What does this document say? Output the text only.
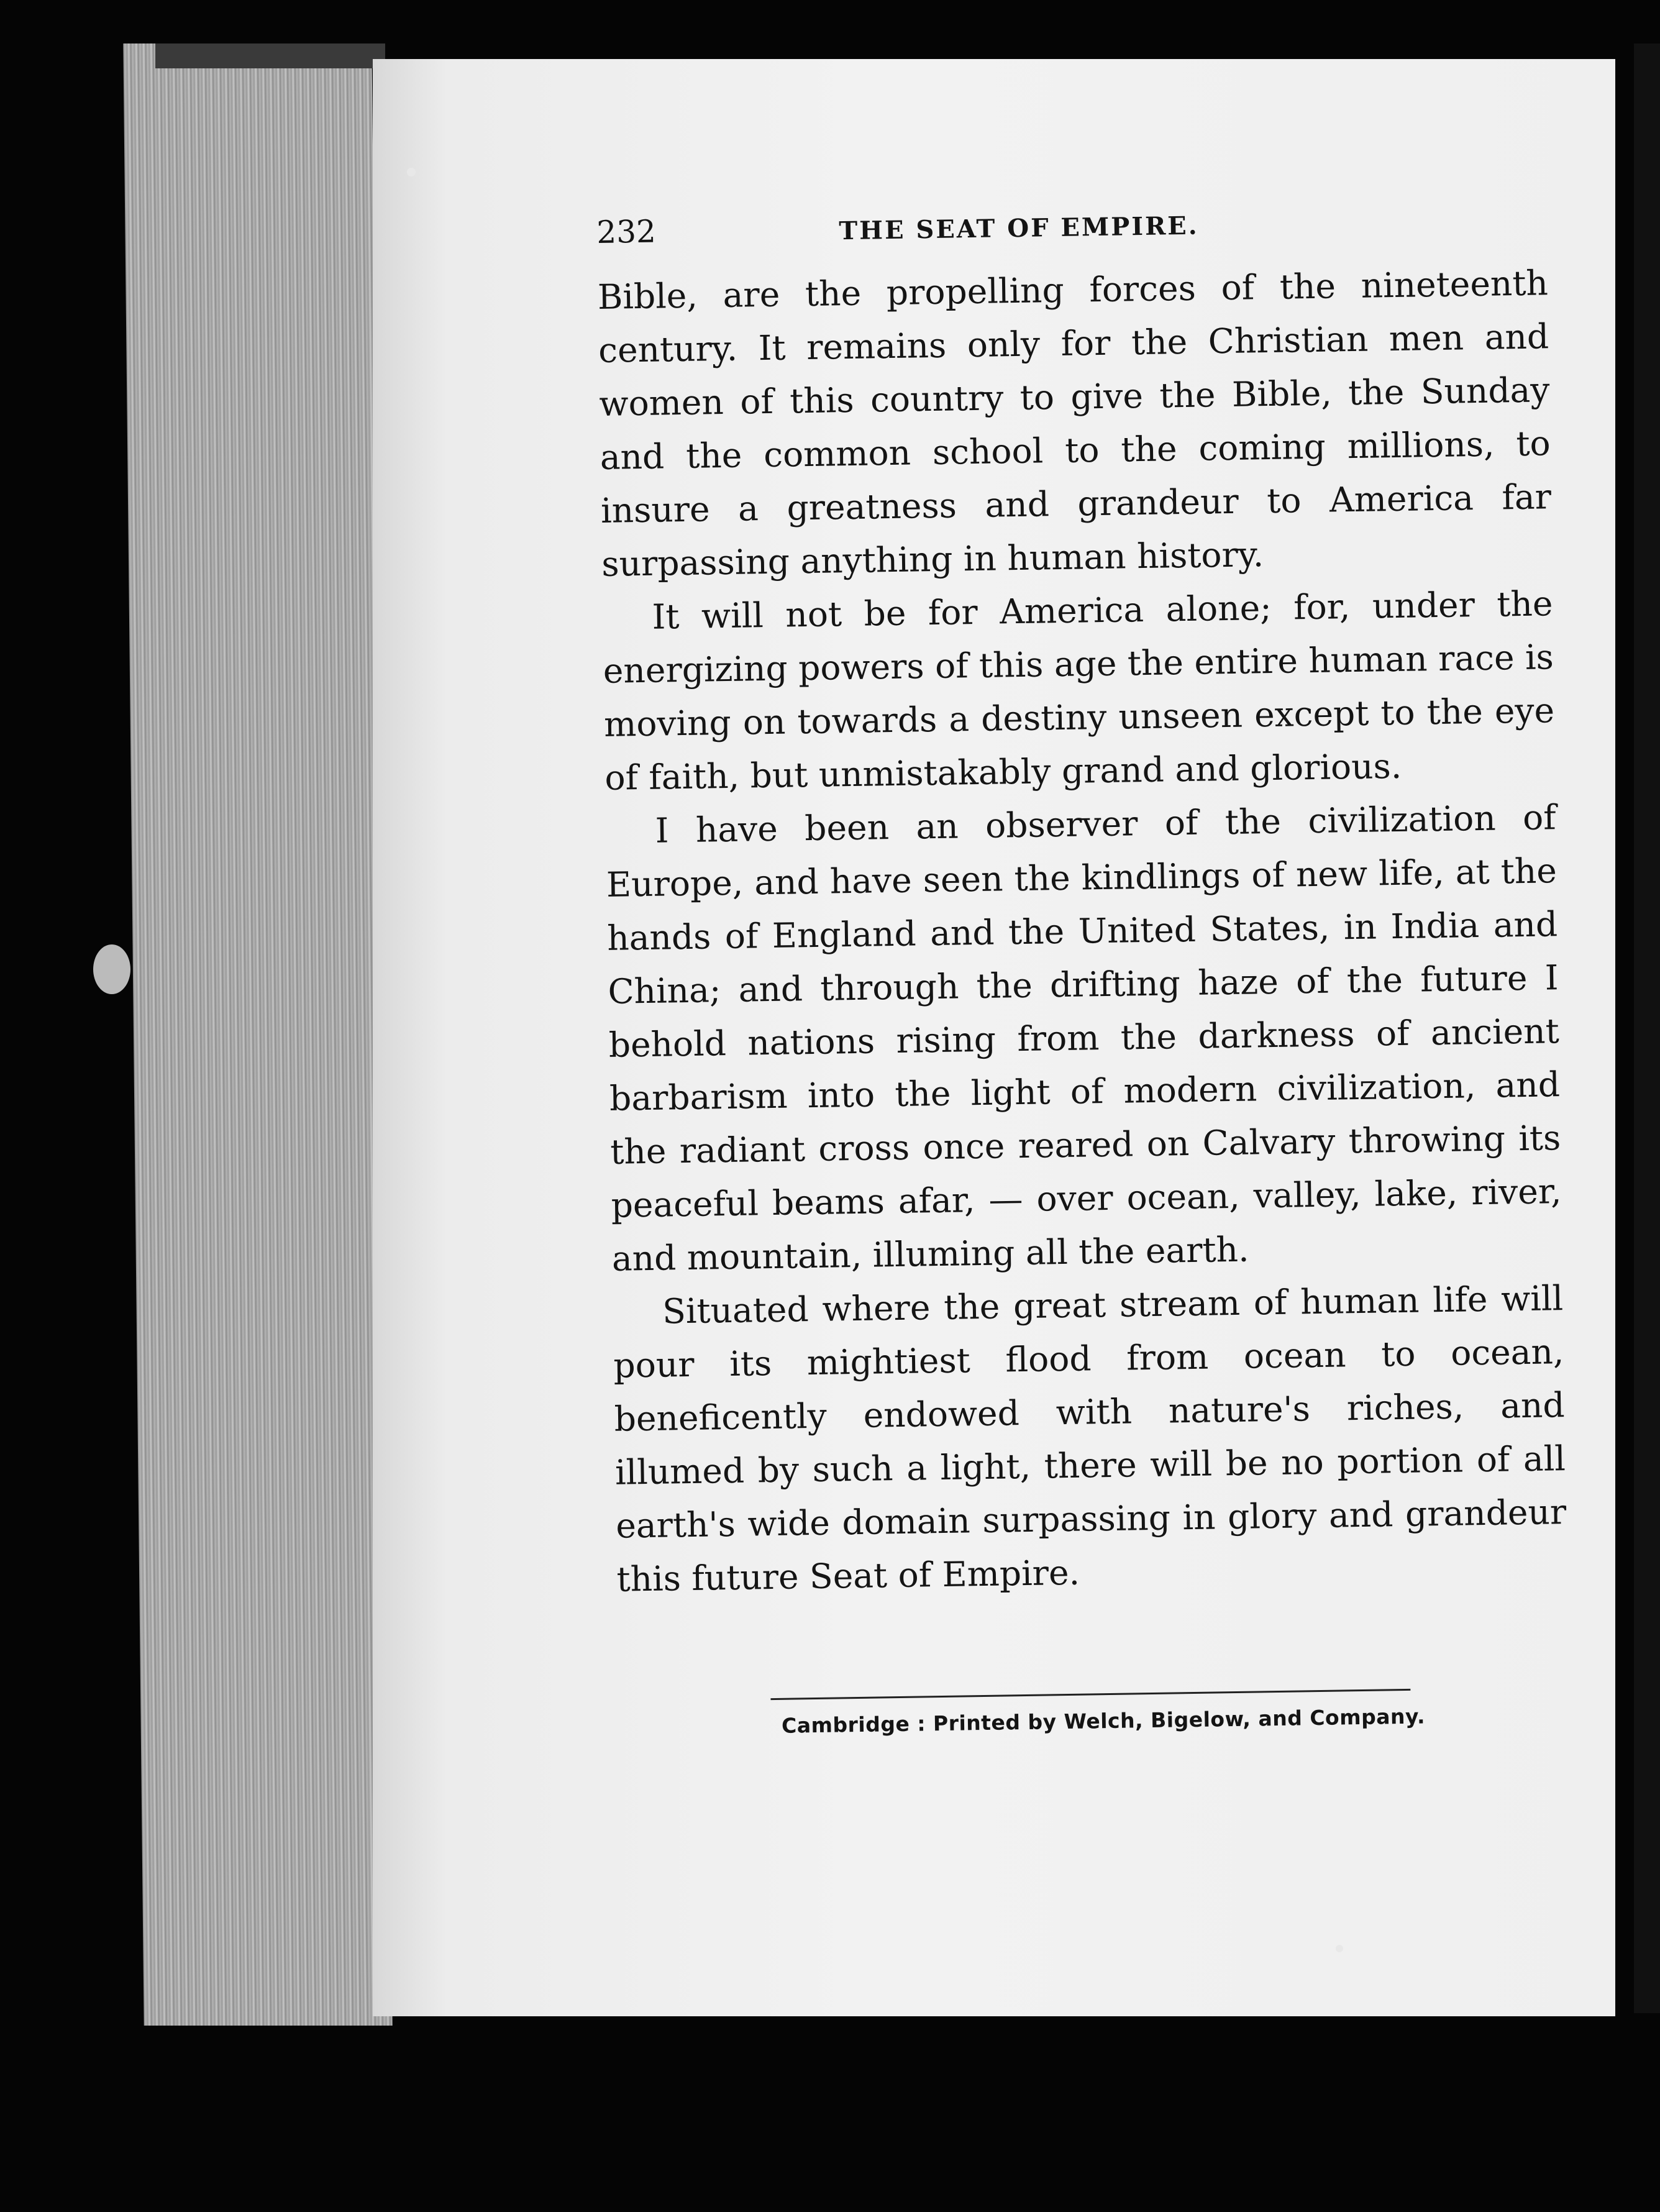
232	THE SEAT OF EMPIRE.

Bible, are the propelling forces of the nineteenth century. It remains only for the Christian men and women of this country to give the Bible, the Sunday and the common school to the coming millions, to insure a greatness and grandeur to America far surpassing anything in human history.

It will not be for America alone; for, under the energizing powers of this age the entire human race is moving on towards a destiny unseen except to the eye of faith, but unmistakably grand and glorious.

I have been an observer of the civilization of Europe, and have seen the kindlings of new life, at the hands of England and the United States, in India and China; and through the drifting haze of the future I behold nations rising from the darkness of ancient barbarism into the light of modern civilization, and the radiant cross once reared on Calvary throwing its peaceful beams afar, — over ocean, valley, lake, river, and mountain, illuming all the earth.

Situated where the great stream of human life will pour its mightiest flood from ocean to ocean, beneficently endowed with nature's riches, and illumed by such a light, there will be no portion of all earth's wide domain surpassing in glory and grandeur this future Seat of Empire.

Cambridge : Printed by Welch, Bigelow, and Company.
